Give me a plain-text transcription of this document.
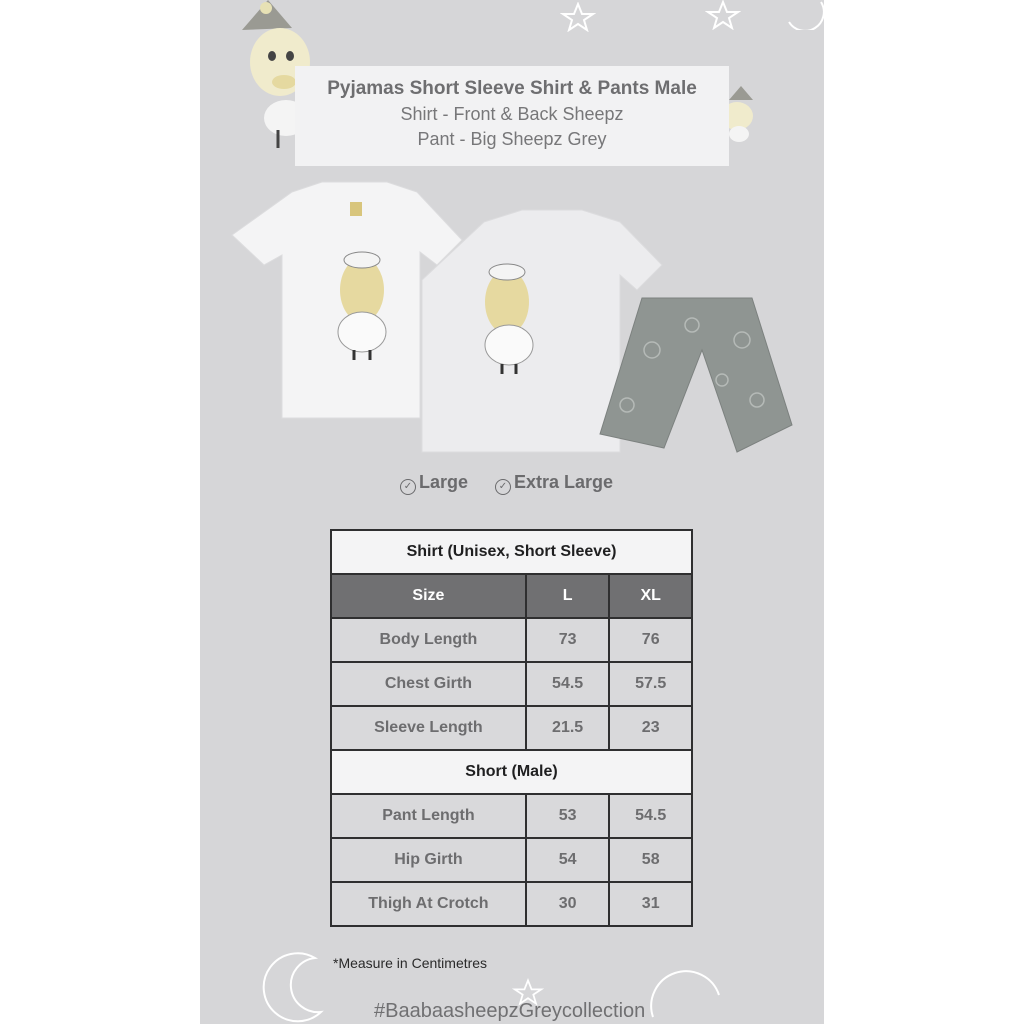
Pyjamas Short Sleeve Shirt & Pants Male
Shirt - Front & Back Sheepz
Pant - Big Sheepz Grey
✓ Large	✓ Extra Large
Shirt (Unisex, Short Sleeve)		
Size	L	XL
Body Length	73	76
Chest Girth	54.5	57.5
Sleeve Length	21.5	23
Short (Male)		
Pant Length	53	54.5
Hip Girth	54	58
Thigh At Crotch	30	31
*Measure in Centimetres
#BaabaasheepzGreycollection
